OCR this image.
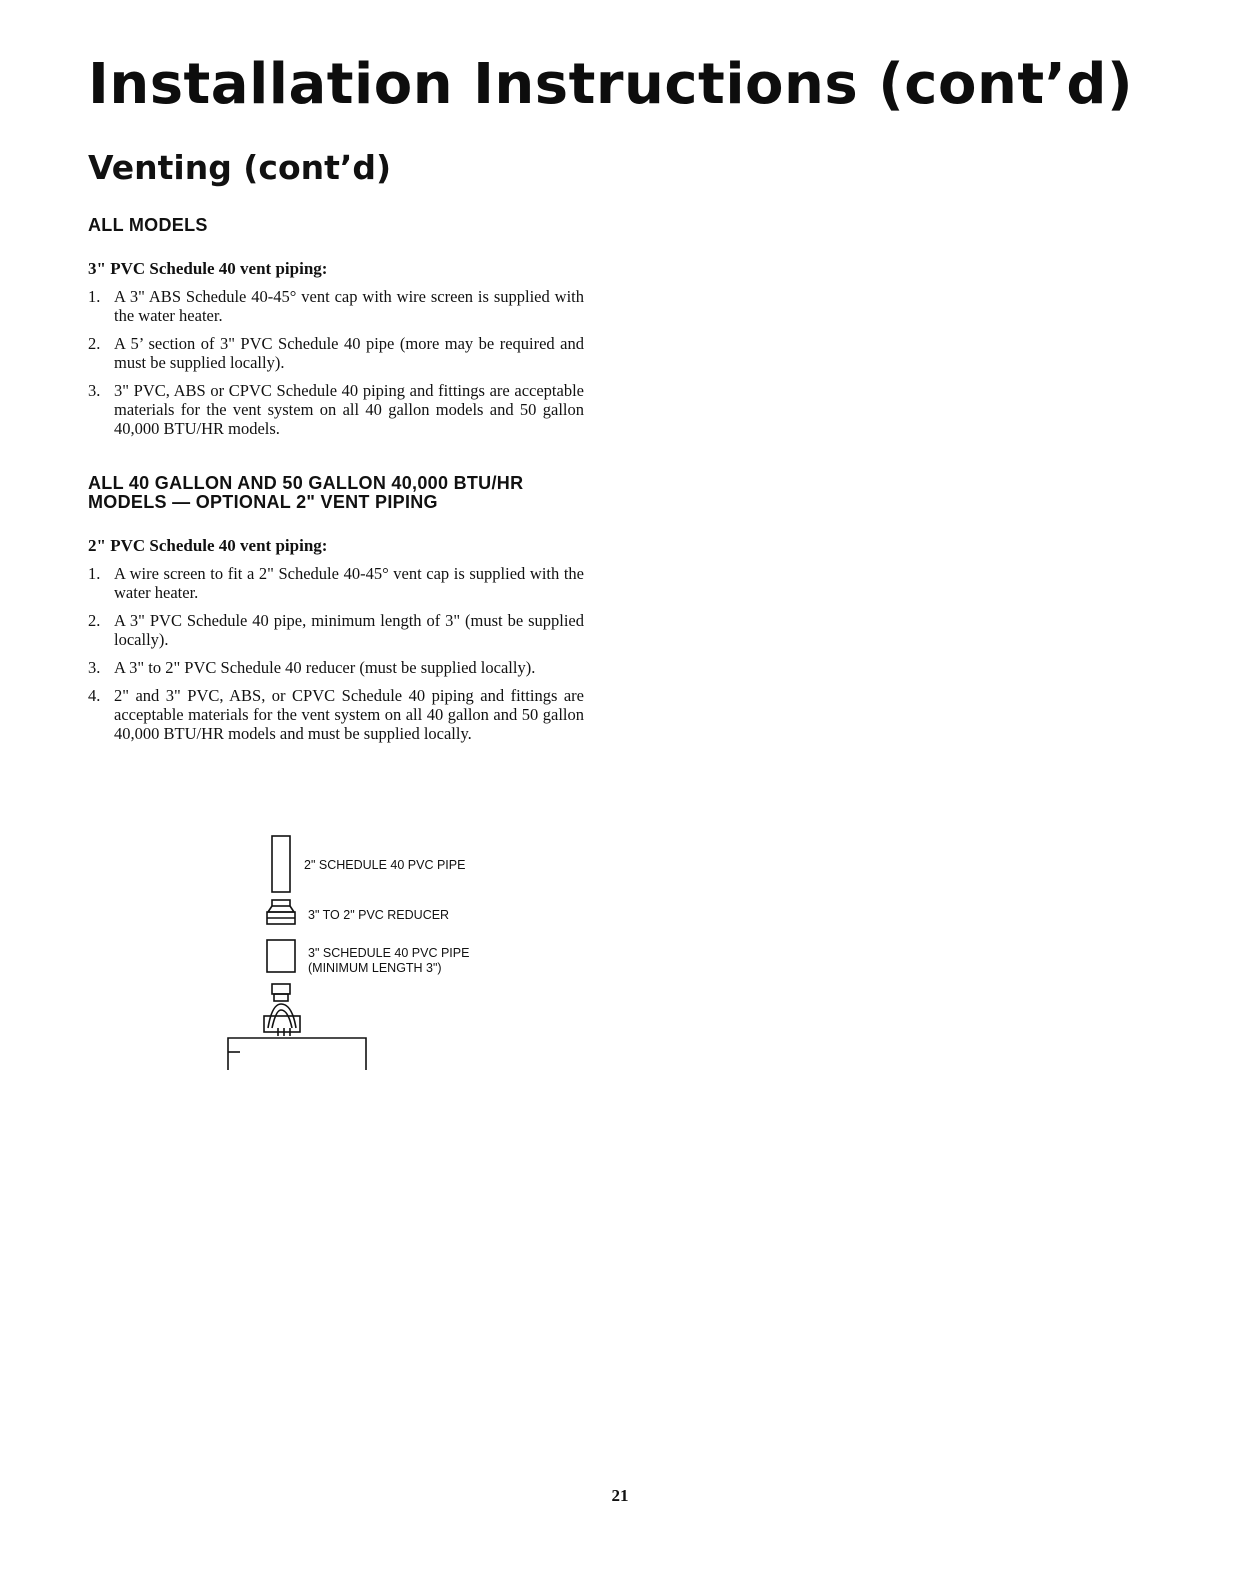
Installation Instructions (cont’d)
Venting (cont’d)

ALL MODELS

3" PVC Schedule 40 vent piping:

1. A 3" ABS Schedule 40-45° vent cap with wire screen is supplied with the water heater.
2. A 5’ section of 3" PVC Schedule 40 pipe (more may be required and must be supplied locally).
3. 3" PVC, ABS or CPVC Schedule 40 piping and fittings are acceptable materials for the vent system on all 40 gallon models and 50 gallon 40,000 BTU/HR models.

ALL 40 GALLON AND 50 GALLON 40,000 BTU/HR
MODELS — OPTIONAL 2" VENT PIPING

2" PVC Schedule 40 vent piping:

1. A wire screen to fit a 2" Schedule 40-45° vent cap is supplied with the water heater.
2. A 3" PVC Schedule 40 pipe, minimum length of 3" (must be supplied locally).
3. A 3" to 2" PVC Schedule 40 reducer (must be supplied locally).
4. 2" and 3" PVC, ABS, or CPVC Schedule 40 piping and fittings are acceptable materials for the vent system on all 40 gallon and 50 gallon 40,000 BTU/HR models and must be supplied locally.
2" SCHEDULE 40 PVC PIPE
3" TO 2" PVC REDUCER
3" SCHEDULE 40 PVC PIPE
(MINIMUM LENGTH 3")
21
